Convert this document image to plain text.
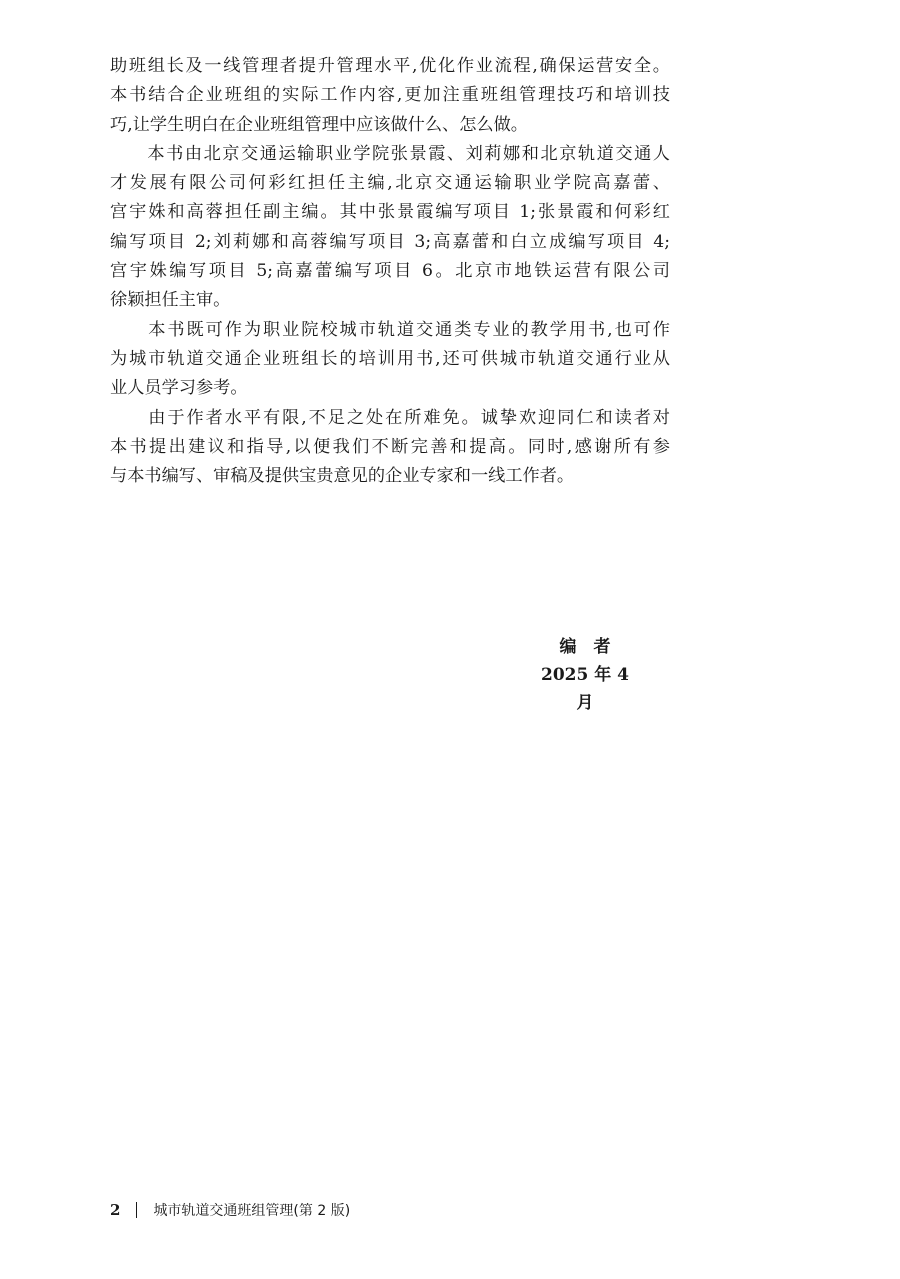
助班组长及一线管理者提升管理水平,优化作业流程,确保运营安全。
本书结合企业班组的实际工作内容,更加注重班组管理技巧和培训技
巧,让学生明白在企业班组管理中应该做什么、怎么做。
　　本书由北京交通运输职业学院张景霞、刘莉娜和北京轨道交通人
才发展有限公司何彩红担任主编,北京交通运输职业学院高嘉蕾、
宫宇姝和高蓉担任副主编。其中张景霞编写项目 1;张景霞和何彩红
编写项目 2;刘莉娜和高蓉编写项目 3;高嘉蕾和白立成编写项目 4;
宫宇姝编写项目 5;高嘉蕾编写项目 6。北京市地铁运营有限公司
徐颖担任主审。
　　本书既可作为职业院校城市轨道交通类专业的教学用书,也可作
为城市轨道交通企业班组长的培训用书,还可供城市轨道交通行业从
业人员学习参考。
　　由于作者水平有限,不足之处在所难免。诚挚欢迎同仁和读者对
本书提出建议和指导,以便我们不断完善和提高。同时,感谢所有参
与本书编写、审稿及提供宝贵意见的企业专家和一线工作者。
编　者
2025 年 4 月
2 城市轨道交通班组管理(第 2 版)
